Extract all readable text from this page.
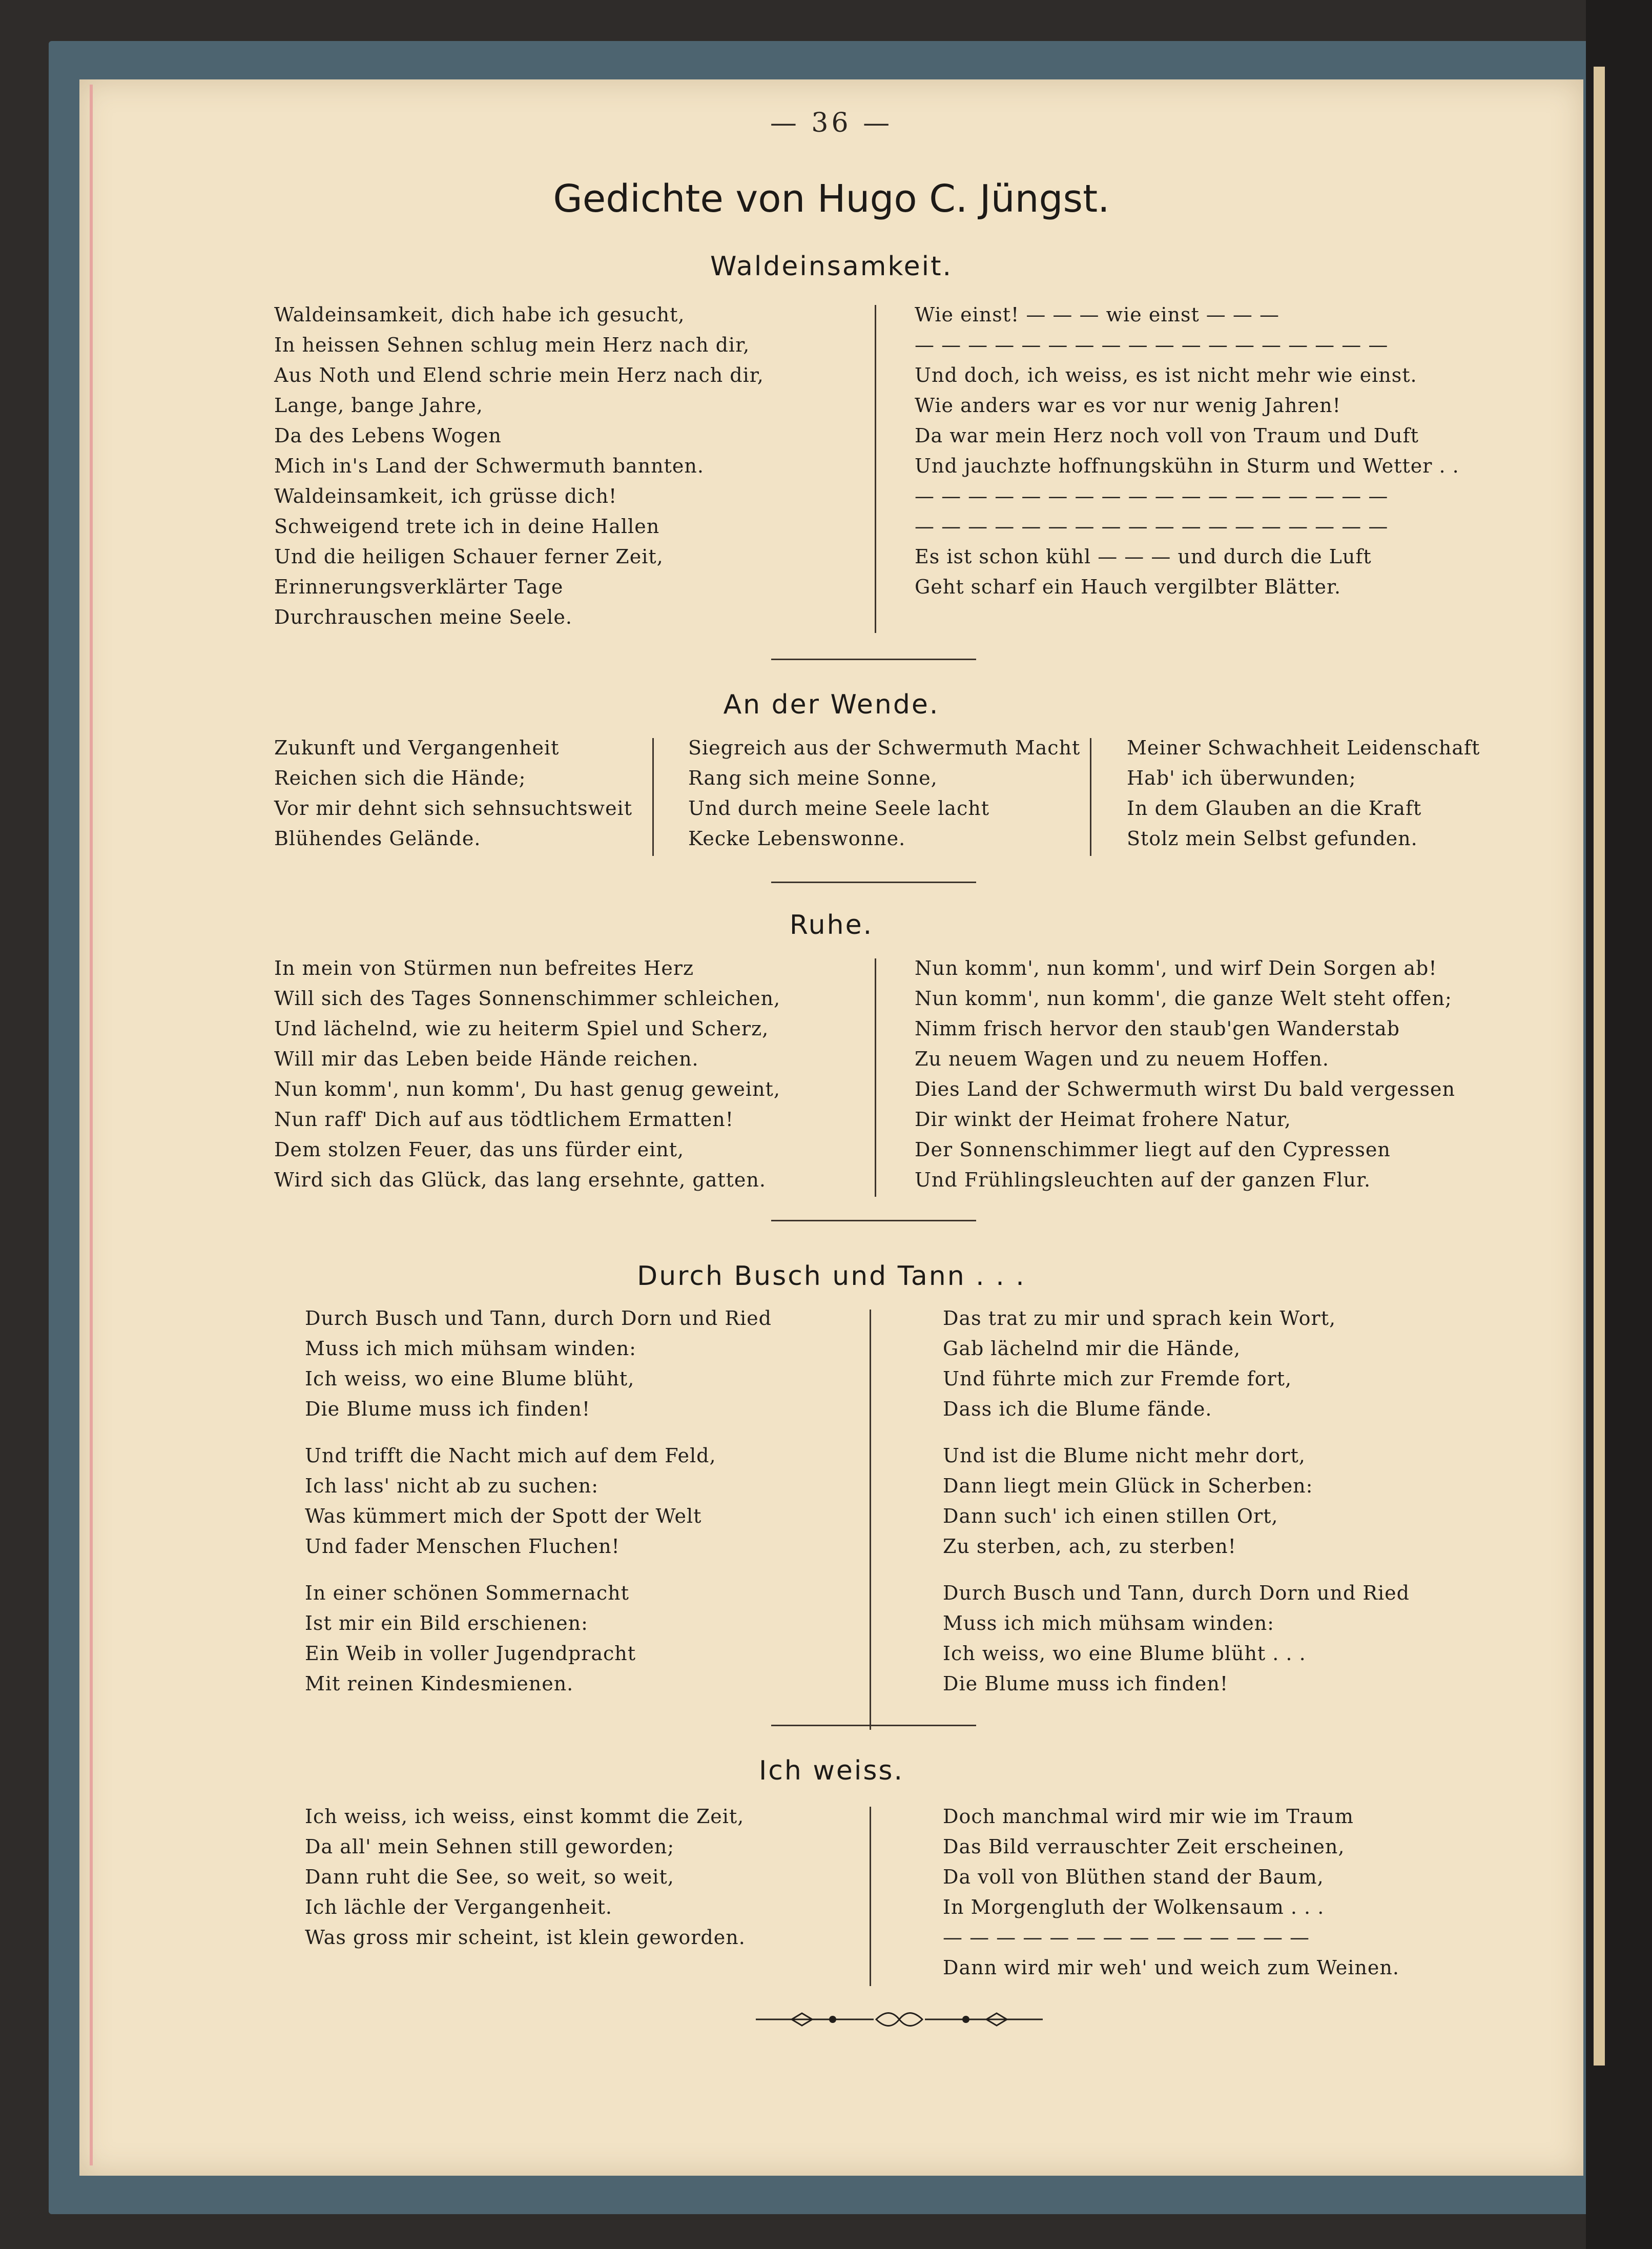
— 36 —
Gedichte von Hugo C. Jüngst.
Waldeinsamkeit.
Waldeinsamkeit, dich habe ich gesucht,
In heissen Sehnen schlug mein Herz nach dir,
Aus Noth und Elend schrie mein Herz nach dir,
Lange, bange Jahre,
Da des Lebens Wogen
Mich in's Land der Schwermuth bannten.
Waldeinsamkeit, ich grüsse dich!
Schweigend trete ich in deine Hallen
Und die heiligen Schauer ferner Zeit,
Erinnerungsverklärter Tage
Durchrauschen meine Seele.
Wie einst! — — — wie einst — — —
— — — — — — — — — — — — — — — — — —
Und doch, ich weiss, es ist nicht mehr wie einst.
Wie anders war es vor nur wenig Jahren!
Da war mein Herz noch voll von Traum und Duft
Und jauchzte hoffnungskühn in Sturm und Wetter . .
— — — — — — — — — — — — — — — — — —
— — — — — — — — — — — — — — — — — —
Es ist schon kühl — — — und durch die Luft
Geht scharf ein Hauch vergilbter Blätter.
An der Wende.
Zukunft und Vergangenheit
Reichen sich die Hände;
Vor mir dehnt sich sehnsuchtsweit
Blühendes Gelände.
Siegreich aus der Schwermuth Macht
Rang sich meine Sonne,
Und durch meine Seele lacht
Kecke Lebenswonne.
Meiner Schwachheit Leidenschaft
Hab' ich überwunden;
In dem Glauben an die Kraft
Stolz mein Selbst gefunden.
Ruhe.
In mein von Stürmen nun befreites Herz
Will sich des Tages Sonnenschimmer schleichen,
Und lächelnd, wie zu heiterm Spiel und Scherz,
Will mir das Leben beide Hände reichen.
Nun komm', nun komm', Du hast genug geweint,
Nun raff' Dich auf aus tödtlichem Ermatten!
Dem stolzen Feuer, das uns fürder eint,
Wird sich das Glück, das lang ersehnte, gatten.
Nun komm', nun komm', und wirf Dein Sorgen ab!
Nun komm', nun komm', die ganze Welt steht offen;
Nimm frisch hervor den staub'gen Wanderstab
Zu neuem Wagen und zu neuem Hoffen.
Dies Land der Schwermuth wirst Du bald vergessen
Dir winkt der Heimat frohere Natur,
Der Sonnenschimmer liegt auf den Cypressen
Und Frühlingsleuchten auf der ganzen Flur.
Durch Busch und Tann . . .
Durch Busch und Tann, durch Dorn und Ried
Muss ich mich mühsam winden:
Ich weiss, wo eine Blume blüht,
Die Blume muss ich finden!
Und trifft die Nacht mich auf dem Feld,
Ich lass' nicht ab zu suchen:
Was kümmert mich der Spott der Welt
Und fader Menschen Fluchen!
In einer schönen Sommernacht
Ist mir ein Bild erschienen:
Ein Weib in voller Jugendpracht
Mit reinen Kindesmienen.
Das trat zu mir und sprach kein Wort,
Gab lächelnd mir die Hände,
Und führte mich zur Fremde fort,
Dass ich die Blume fände.
Und ist die Blume nicht mehr dort,
Dann liegt mein Glück in Scherben:
Dann such' ich einen stillen Ort,
Zu sterben, ach, zu sterben!
Durch Busch und Tann, durch Dorn und Ried
Muss ich mich mühsam winden:
Ich weiss, wo eine Blume blüht . . .
Die Blume muss ich finden!
Ich weiss.
Ich weiss, ich weiss, einst kommt die Zeit,
Da all' mein Sehnen still geworden;
Dann ruht die See, so weit, so weit,
Ich lächle der Vergangenheit.
Was gross mir scheint, ist klein geworden.
Doch manchmal wird mir wie im Traum
Das Bild verrauschter Zeit erscheinen,
Da voll von Blüthen stand der Baum,
In Morgengluth der Wolkensaum . . .
— — — — — — — — — — — — — —
Dann wird mir weh' und weich zum Weinen.
